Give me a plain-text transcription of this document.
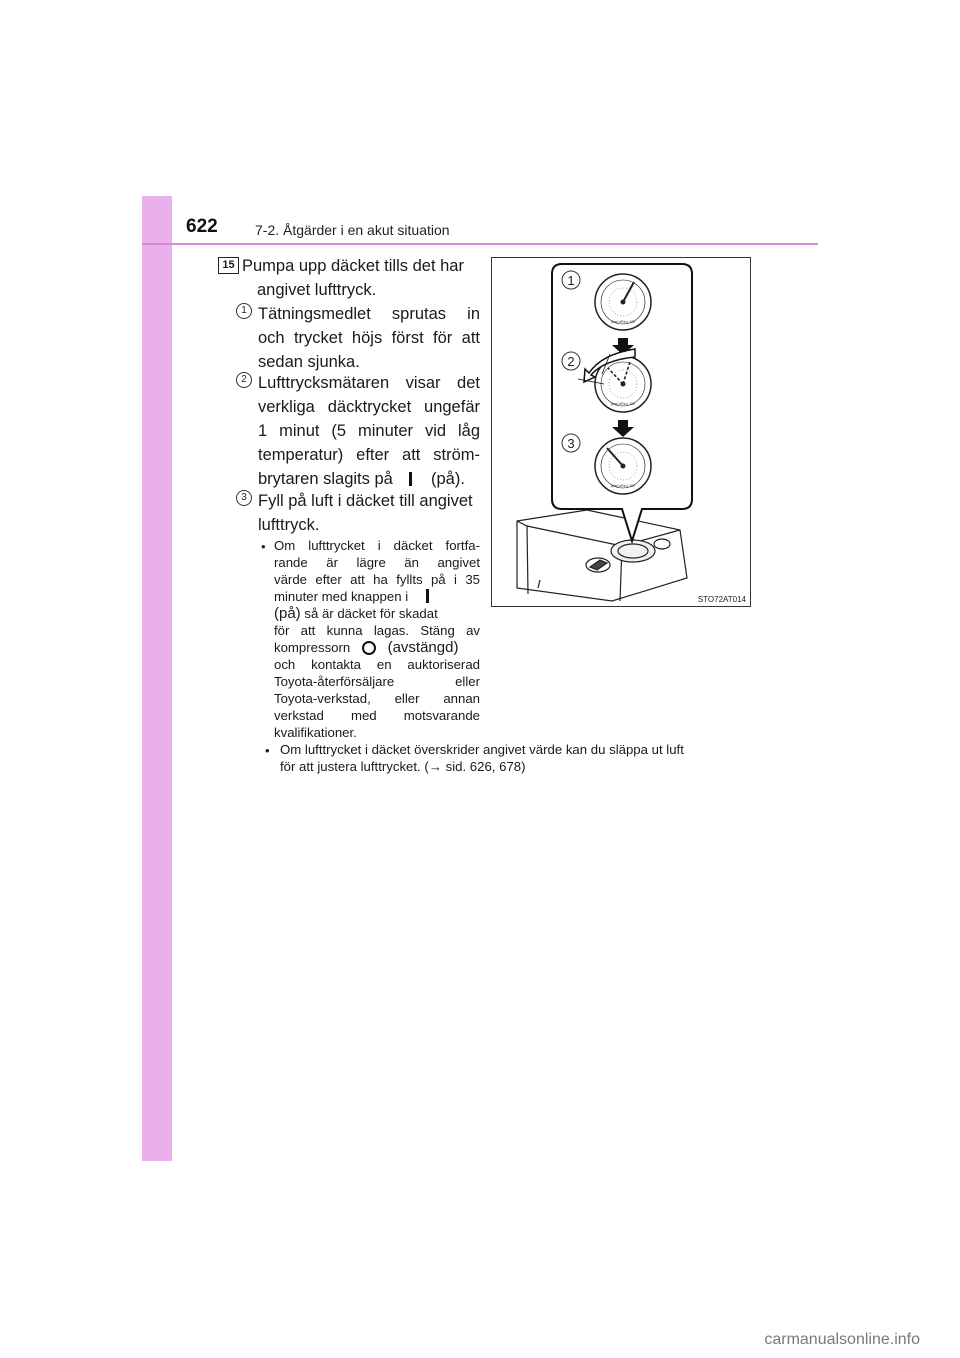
622	7-2. Åtgärder i en akut situation
15 Pumpa upp däcket tills det har
angivet lufttryck.
1 Tätningsmedlet sprutas in
och trycket höjs först för att
sedan sjunka.
2 Lufttrycksmätaren visar det
verkliga däcktrycket ungefär
1 minut (5 minuter vid låg
temperatur) efter att ström-
brytaren slagits på (på).
3 Fyll på luft i däcket till angivet
lufttryck.
• Om lufttrycket i däcket fortfa-
rande är lägre än angivet
värde efter att ha fyllts på i 35
minuter med knappen i
(på) så är däcket för skadat
för att kunna lagas. Stäng av
kompressorn (avstängd)
och kontakta en auktoriserad
Toyota-återförsäljare eller
Toyota-verkstad, eller annan
verkstad med motsvarande
kvalifikationer.
• Om lufttrycket i däcket överskrider angivet värde kan du släppa ut luft
för att justera lufttrycket. (→ sid. 626, 678)
1
2
3
(bar) kPa x 100
(bar) kPa x 100
(bar) kPa x 100
STO72AT014
carmanualsonline.info
